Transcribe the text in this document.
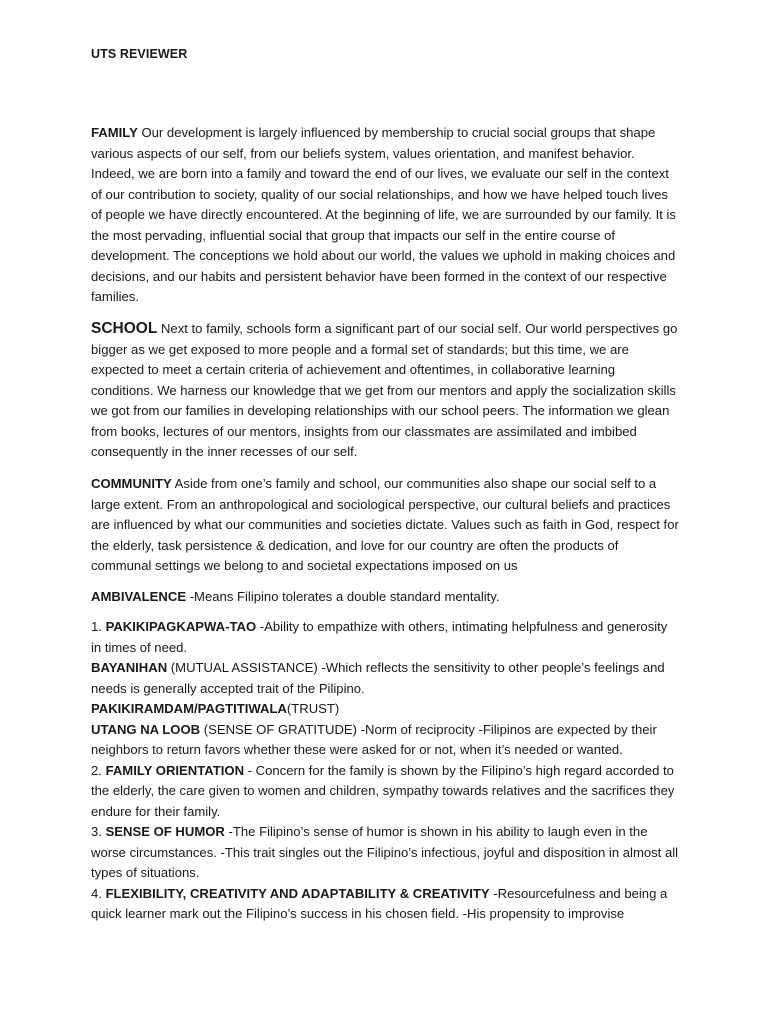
UTS REVIEWER

FAMILY Our development is largely influenced by membership to crucial social groups that shape various aspects of our self, from our beliefs system, values orientation, and manifest behavior. Indeed, we are born into a family and toward the end of our lives, we evaluate our self in the context of our contribution to society, quality of our social relationships, and how we have helped touch lives of people we have directly encountered. At the beginning of life, we are surrounded by our family. It is the most pervading, influential social that group that impacts our self in the entire course of development. The conceptions we hold about our world, the values we uphold in making choices and decisions, and our habits and persistent behavior have been formed in the context of our respective families.

SCHOOL Next to family, schools form a significant part of our social self. Our world perspectives go bigger as we get exposed to more people and a formal set of standards; but this time, we are expected to meet a certain criteria of achievement and oftentimes, in collaborative learning conditions. We harness our knowledge that we get from our mentors and apply the socialization skills we got from our families in developing relationships with our school peers. The information we glean from books, lectures of our mentors, insights from our classmates are assimilated and imbibed consequently in the inner recesses of our self.

COMMUNITY Aside from one’s family and school, our communities also shape our social self to a large extent. From an anthropological and sociological perspective, our cultural beliefs and practices are influenced by what our communities and societies dictate. Values such as faith in God, respect for the elderly, task persistence & dedication, and love for our country are often the products of communal settings we belong to and societal expectations imposed on us

AMBIVALENCE -Means Filipino tolerates a double standard mentality.

1. PAKIKIPAGKAPWA-TAO -Ability to empathize with others, intimating helpfulness and generosity in times of need.

BAYANIHAN (MUTUAL ASSISTANCE) -Which reflects the sensitivity to other people’s feelings and needs is generally accepted trait of the Pilipino.

PAKIKIRAMDAM/PAGTITIWALA(TRUST)

UTANG NA LOOB (SENSE OF GRATITUDE) -Norm of reciprocity -Filipinos are expected by their neighbors to return favors whether these were asked for or not, when it’s needed or wanted.

2. FAMILY ORIENTATION - Concern for the family is shown by the Filipino’s high regard accorded to the elderly, the care given to women and children, sympathy towards relatives and the sacrifices they endure for their family.

3. SENSE OF HUMOR -The Filipino’s sense of humor is shown in his ability to laugh even in the worse circumstances. -This trait singles out the Filipino’s infectious, joyful and disposition in almost all types of situations.

4. FLEXIBILITY, CREATIVITY AND ADAPTABILITY & CREATIVITY -Resourcefulness and being a quick learner mark out the Filipino’s success in his chosen field. -His propensity to improvise
